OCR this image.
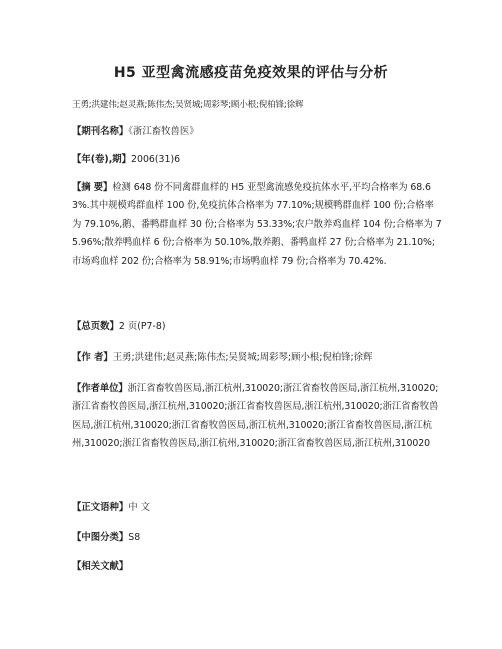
H5 亚型禽流感疫苗免疫效果的评估与分析
王勇;洪建伟;赵灵燕;陈伟杰;吴贤城;周彩琴;顾小根;倪柏锋;徐辉
【期刊名称】《浙江畜牧兽医》
【年(卷),期】2006(31)6
【摘 要】检测 648 份不同禽群血样的 H5 亚型禽流感免疫抗体水平,平均合格率为 68.63%.其中规模鸡群血样 100 份,免疫抗体合格率为 77.10%;规模鸭群血样 100 份;合格率为 79.10%,鹅、番鸭群血样 30 份;合格率为 53.33%;农户散养鸡血样 104 份;合格率为 75.96%;散养鸭血样 6 份;合格率为 50.10%,散养鹅、番鸭血样 27 份;合格率为 21.10%;市场鸡血样 202 份;合格率为 58.91%;市场鸭血样 79 份;合格率为 70.42%.
【总页数】2 页(P7-8)
【作 者】王勇;洪建伟;赵灵燕;陈伟杰;吴贤城;周彩琴;顾小根;倪柏锋;徐辉
【作者单位】浙江省畜牧兽医局,浙江杭州,310020;浙江省畜牧兽医局,浙江杭州,310020;浙江省畜牧兽医局,浙江杭州,310020;浙江省畜牧兽医局,浙江杭州,310020;浙江省畜牧兽医局,浙江杭州,310020;浙江省畜牧兽医局,浙江杭州,310020;浙江省畜牧兽医局,浙江杭州,310020;浙江省畜牧兽医局,浙江杭州,310020;浙江省畜牧兽医局,浙江杭州,310020
【正文语种】中 文
【中图分类】S8
【相关文献】
